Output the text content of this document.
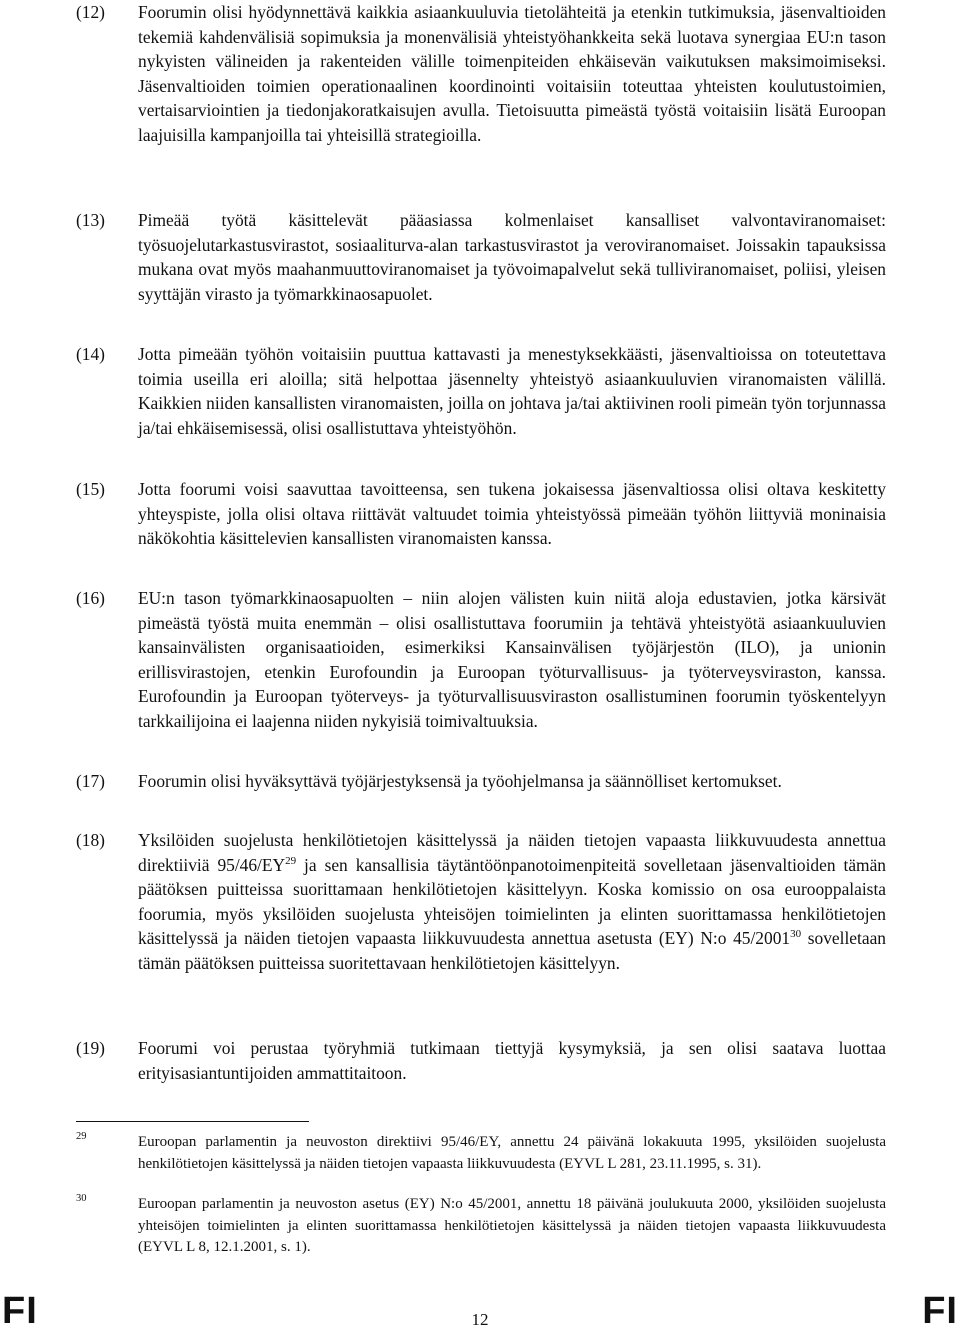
(12)	Foorumin olisi hyödynnettävä kaikkia asiaankuuluvia tietolähteitä ja etenkin tutkimuksia, jäsenvaltioiden tekemiä kahdenvälisiä sopimuksia ja monenvälisiä yhteistyöhankkeita sekä luotava synergiaa EU:n tason nykyisten välineiden ja rakenteiden välille toimenpiteiden ehkäisevän vaikutuksen maksimoimiseksi. Jäsenvaltioiden toimien operationaalinen koordinointi voitaisiin toteuttaa yhteisten koulutustoimien, vertaisarviointien ja tiedonjakoratkaisujen avulla. Tietoisuutta pimeästä työstä voitaisiin lisätä Euroopan laajuisilla kampanjoilla tai yhteisillä strategioilla.
(13)	Pimeää työtä käsittelevät pääasiassa kolmenlaiset kansalliset valvontaviranomaiset: työsuojelutarkastusvirastot, sosiaaliturva-alan tarkastusvirastot ja veroviranomaiset. Joissakin tapauksissa mukana ovat myös maahanmuuttoviranomaiset ja työvoimapalvelut sekä tulliviranomaiset, poliisi, yleisen syyttäjän virasto ja työmarkkinaosapuolet.
(14)	Jotta pimeään työhön voitaisiin puuttua kattavasti ja menestyksekkäästi, jäsenvaltioissa on toteutettava toimia useilla eri aloilla; sitä helpottaa jäsennelty yhteistyö asiaankuuluvien viranomaisten välillä. Kaikkien niiden kansallisten viranomaisten, joilla on johtava ja/tai aktiivinen rooli pimeän työn torjunnassa ja/tai ehkäisemisessä, olisi osallistuttava yhteistyöhön.
(15)	Jotta foorumi voisi saavuttaa tavoitteensa, sen tukena jokaisessa jäsenvaltiossa olisi oltava keskitetty yhteyspiste, jolla olisi oltava riittävät valtuudet toimia yhteistyössä pimeään työhön liittyviä moninaisia näkökohtia käsittelevien kansallisten viranomaisten kanssa.
(16)	EU:n tason työmarkkinaosapuolten – niin alojen välisten kuin niitä aloja edustavien, jotka kärsivät pimeästä työstä muita enemmän – olisi osallistuttava foorumiin ja tehtävä yhteistyötä asiaankuuluvien kansainvälisten organisaatioiden, esimerkiksi Kansainvälisen työjärjestön (ILO), ja unionin erillisvirastojen, etenkin Eurofoundin ja Euroopan työturvallisuus- ja työterveysviraston, kanssa. Eurofoundin ja Euroopan työterveys- ja työturvallisuusviraston osallistuminen foorumin työskentelyyn tarkkailijoina ei laajenna niiden nykyisiä toimivaltuuksia.
(17)	Foorumin olisi hyväksyttävä työjärjestyksensä ja työohjelmansa ja säännölliset kertomukset.
(18)	Yksilöiden suojelusta henkilötietojen käsittelyssä ja näiden tietojen vapaasta liikkuvuudesta annettua direktiiviä 95/46/EY$^{29}$ ja sen kansallisia täytäntöönpanotoimenpiteitä sovelletaan jäsenvaltioiden tämän päätöksen puitteissa suorittamaan henkilötietojen käsittelyyn. Koska komissio on osa eurooppalaista foorumia, myös yksilöiden suojelusta yhteisöjen toimielinten ja elinten suorittamassa henkilötietojen käsittelyssä ja näiden tietojen vapaasta liikkuvuudesta annettua asetusta (EY) N:o 45/2001$^{30}$ sovelletaan tämän päätöksen puitteissa suoritettavaan henkilötietojen käsittelyyn.
(19)	Foorumi voi perustaa työryhmiä tutkimaan tiettyjä kysymyksiä, ja sen olisi saatava luottaa erityisasiantuntijoiden ammattitaitoon.
29	Euroopan parlamentin ja neuvoston direktiivi 95/46/EY, annettu 24 päivänä lokakuuta 1995, yksilöiden suojelusta henkilötietojen käsittelyssä ja näiden tietojen vapaasta liikkuvuudesta (EYVL L 281, 23.11.1995, s. 31).
30	Euroopan parlamentin ja neuvoston asetus (EY) N:o 45/2001, annettu 18 päivänä joulukuuta 2000, yksilöiden suojelusta yhteisöjen toimielinten ja elinten suorittamassa henkilötietojen käsittelyssä ja näiden tietojen vapaasta liikkuvuudesta (EYVL L 8, 12.1.2001, s. 1).
FI	12	FI
